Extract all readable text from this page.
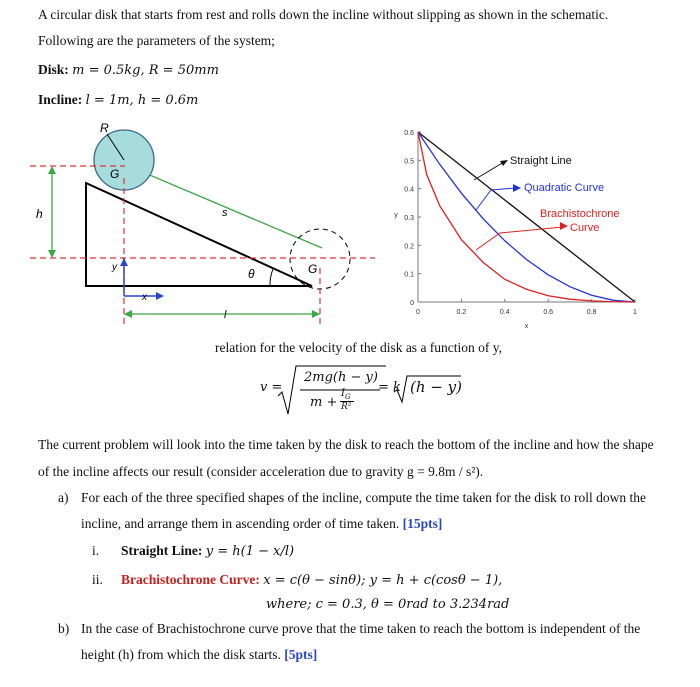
A circular disk that starts from rest and rolls down the incline without slipping as shown in the schematic.
Following are the parameters of the system;
Disk: m = 0.5kg, R = 50mm
Incline: l = 1m, h = 0.6m
R
G
h	s
θ
y
x
l
G
0	0.2	0.4	0.6	0.8	1
0
0.1
0.2
0.3
0.4
0.5
0.6
x
y
Straight Line
Quadratic Curve
Brachistochrone
Curve
relation for the velocity of the disk as a function of y,
v =
2mg(h − y)
m +
$I_G$
R²
= k (h − y)
The current problem will look into the time taken by the disk to reach the bottom of the incline and how the shape
of the incline affects our result (consider acceleration due to gravity g = 9.8m / s²).
a) For each of the three specified shapes of the incline, compute the time taken for the disk to roll down the
incline, and arrange them in ascending order of time taken. [15pts]
i. Straight Line: y = h(1 − x/l)
ii. Brachistochrone Curve: x = c(θ − sinθ); y = h + c(cosθ − 1),
where; c = 0.3, θ = 0rad to 3.234rad
b) In the case of Brachistochrone curve prove that the time taken to reach the bottom is independent of the
height (h) from which the disk starts. [5pts]
